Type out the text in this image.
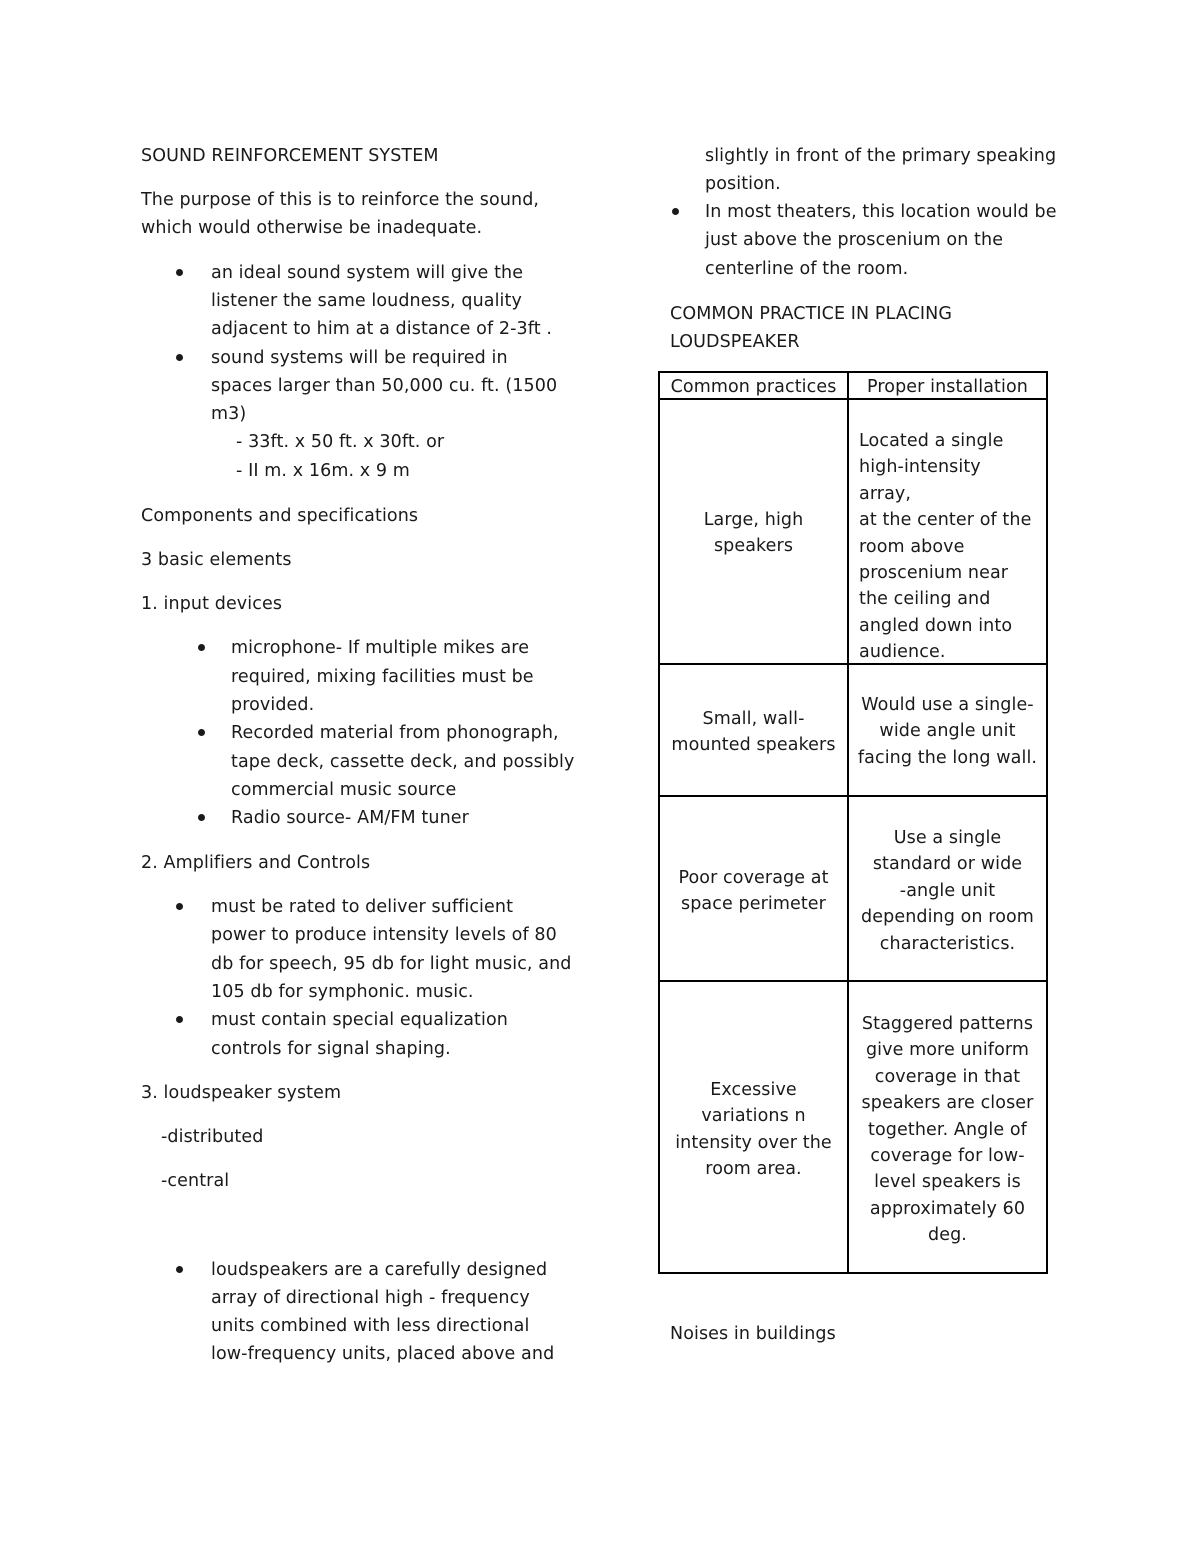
SOUND REINFORCEMENT SYSTEM
The purpose of this is to reinforce the sound,
which would otherwise be inadequate.
an ideal sound system will give the
listener the same loudness, quality
adjacent to him at a distance of 2-3ft .
sound systems will be required in
spaces larger than 50,000 cu. ft. (1500
m3)
- 33ft. x 50 ft. x 30ft. or
- II m. x 16m. x 9 m
Components and specifications
3 basic elements
1. input devices
microphone- If multiple mikes are
required, mixing facilities must be
provided.
Recorded material from phonograph,
tape deck, cassette deck, and possibly
commercial music source
Radio source- AM/FM tuner
2. Amplifiers and Controls
must be rated to deliver sufficient
power to produce intensity levels of 80
db for speech, 95 db for light music, and
105 db for symphonic. music.
must contain special equalization
controls for signal shaping.
3. loudspeaker system
-distributed
-central
loudspeakers are a carefully designed
array of directional high - frequency
units combined with less directional
low-frequency units, placed above and
slightly in front of the primary speaking
position.
In most theaters, this location would be
just above the proscenium on the
centerline of the room.
COMMON PRACTICE IN PLACING
LOUDSPEAKER
Common practices	Proper installation
Large, high
speakers
Located a single
high-intensity array,
at the center of the
room above
proscenium near
the ceiling and
angled down into
audience.
Small, wall-
mounted speakers
Would use a single-
wide angle unit
facing the long wall.
Poor coverage at
space perimeter
Use a single
standard or wide
-angle unit
depending on room
characteristics.
Excessive
variations n
intensity over the
room area.
Staggered patterns
give more uniform
coverage in that
speakers are closer
together. Angle of
coverage for low-
level speakers is
approximately 60
deg.
Noises in buildings
